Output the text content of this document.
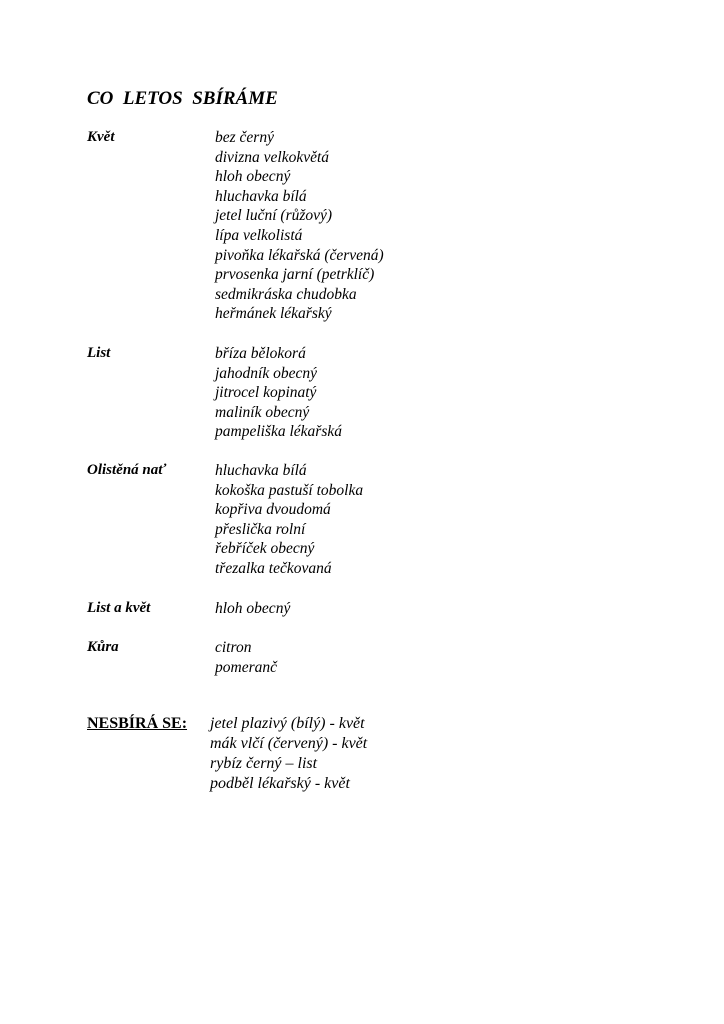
CO  LETOS  SBÍRÁME
Květ	bez černý
divizna velkokvětá
hloh obecný
hluchavka bílá
jetel luční (růžový)
lípa velkolistá
pivoňka lékařská (červená)
prvosenka jarní (petrklíč)
sedmikráska chudobka
heřmánek lékařský
List	bříza bělokorá
jahodník obecný
jitrocel kopinatý
maliník obecný
pampeliška lékařská
Olistěná nať	hluchavka bílá
kokoška pastuší tobolka
kopřiva dvoudomá
přeslička rolní
řebříček obecný
třezalka tečkovaná
List a květ	hloh obecný
Kůra	citron
pomeranč
NESBÍRÁ SE: jetel plazivý (bílý) - květ
mák vlčí (červený) - květ
rybíz černý – list
podběl lékařský - květ
